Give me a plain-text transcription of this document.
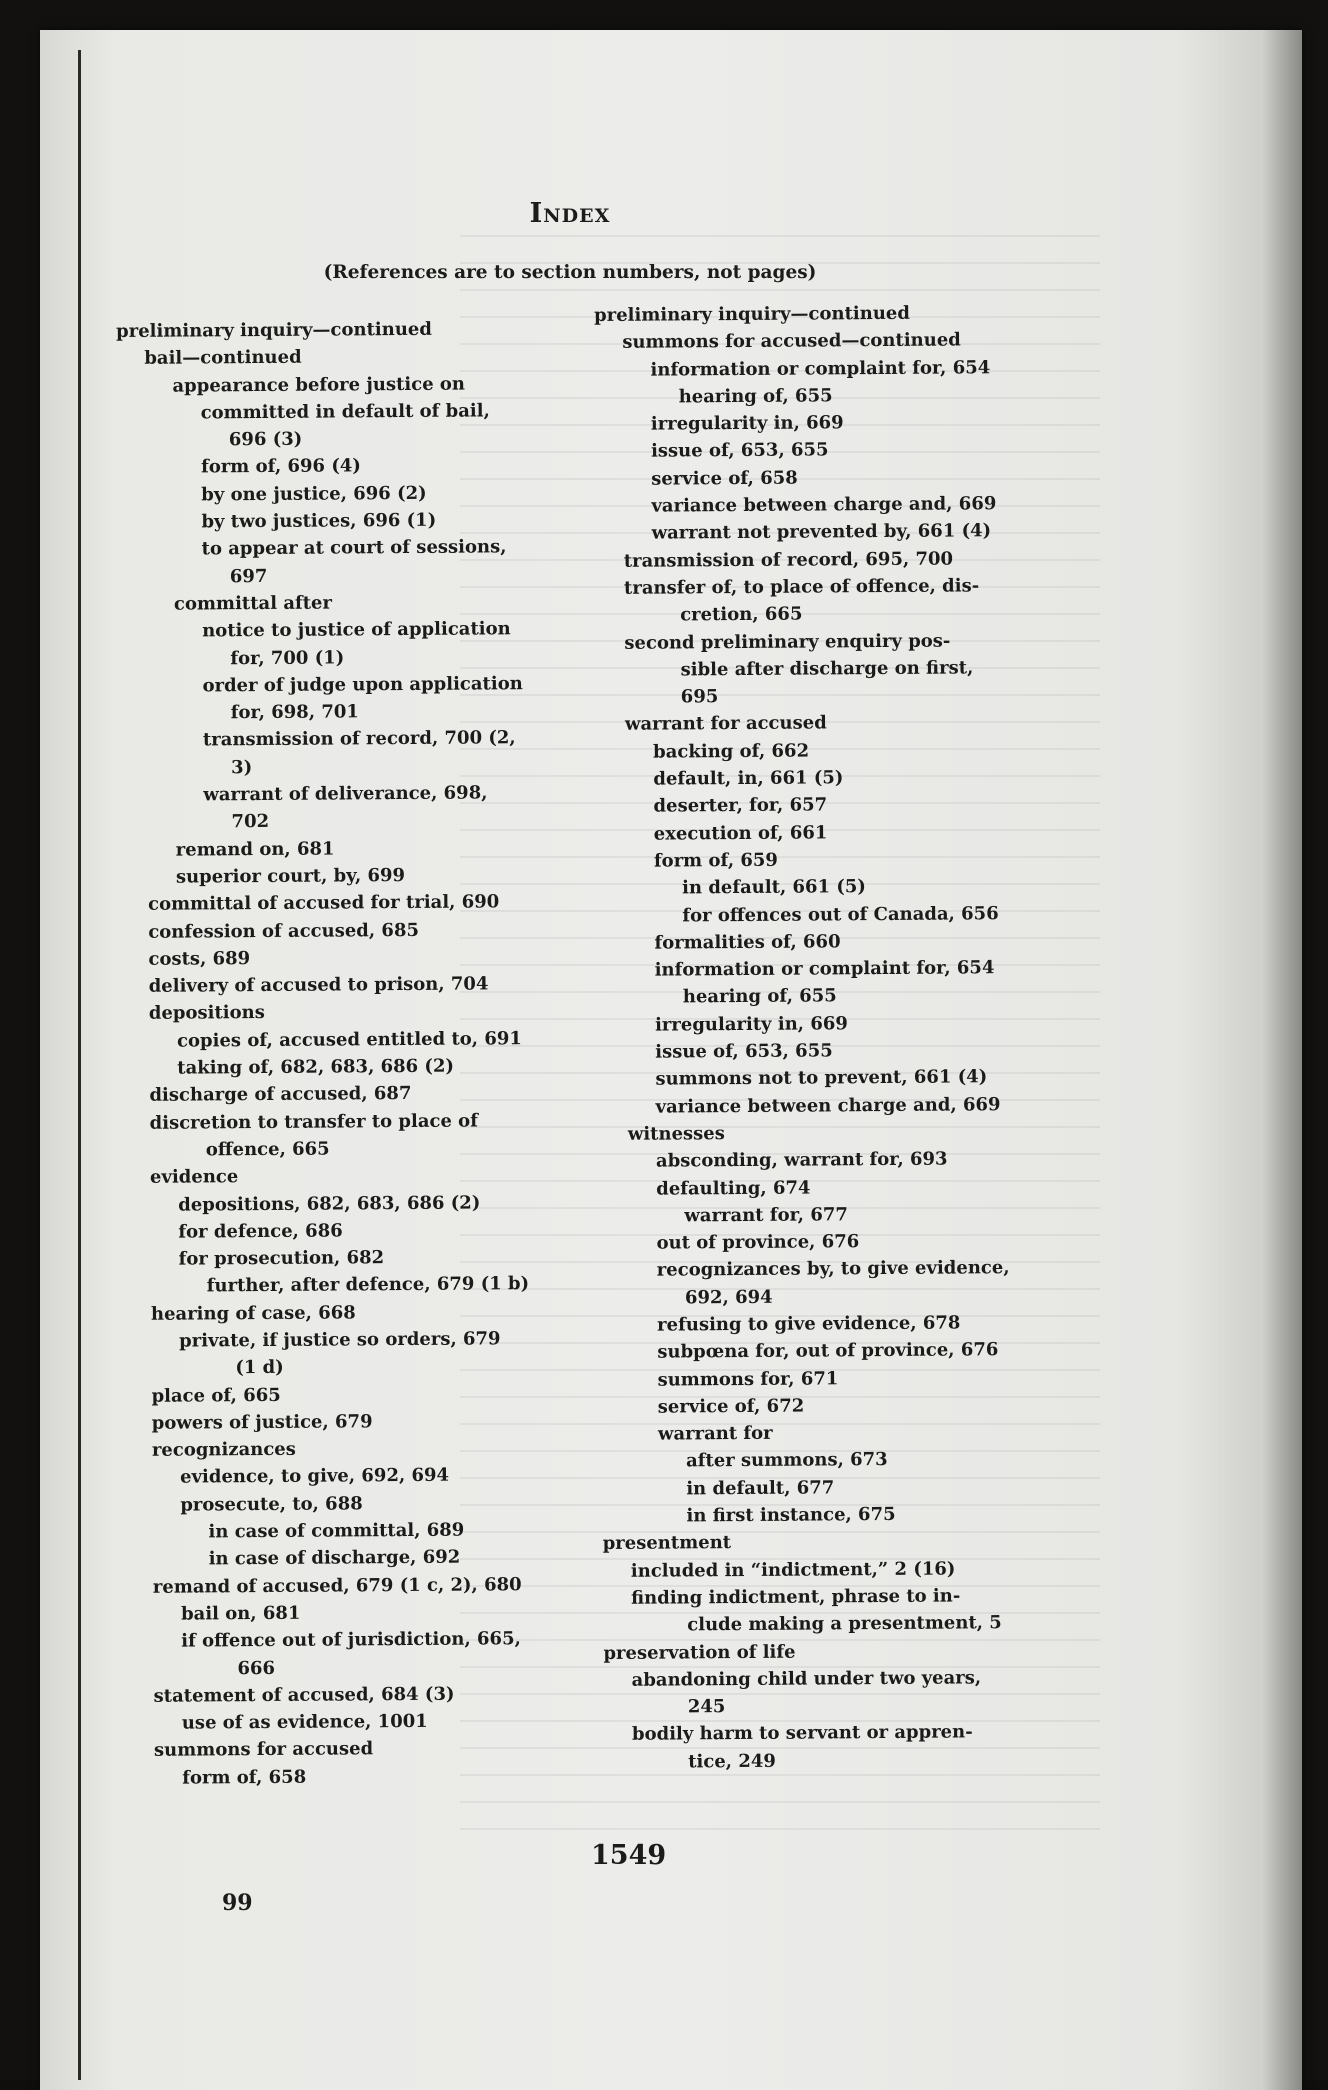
Index
(References are to section numbers, not pages)
preliminary inquiry—continued
bail—continued
appearance before justice on
committed in default of bail,
696 (3)
form of, 696 (4)
by one justice, 696 (2)
by two justices, 696 (1)
to appear at court of sessions,
697
committal after
notice to justice of application
for, 700 (1)
order of judge upon application
for, 698, 701
transmission of record, 700 (2,
3)
warrant of deliverance, 698,
702
remand on, 681
superior court, by, 699
committal of accused for trial, 690
confession of accused, 685
costs, 689
delivery of accused to prison, 704
depositions
copies of, accused entitled to, 691
taking of, 682, 683, 686 (2)
discharge of accused, 687
discretion to transfer to place of
offence, 665
evidence
depositions, 682, 683, 686 (2)
for defence, 686
for prosecution, 682
further, after defence, 679 (1 b)
hearing of case, 668
private, if justice so orders, 679
(1 d)
place of, 665
powers of justice, 679
recognizances
evidence, to give, 692, 694
prosecute, to, 688
in case of committal, 689
in case of discharge, 692
remand of accused, 679 (1 c, 2), 680
bail on, 681
if offence out of jurisdiction, 665,
666
statement of accused, 684 (3)
use of as evidence, 1001
summons for accused
form of, 658
preliminary inquiry—continued
summons for accused—continued
information or complaint for, 654
hearing of, 655
irregularity in, 669
issue of, 653, 655
service of, 658
variance between charge and, 669
warrant not prevented by, 661 (4)
transmission of record, 695, 700
transfer of, to place of offence, dis-
cretion, 665
second preliminary enquiry pos-
sible after discharge on first,
695
warrant for accused
backing of, 662
default, in, 661 (5)
deserter, for, 657
execution of, 661
form of, 659
in default, 661 (5)
for offences out of Canada, 656
formalities of, 660
information or complaint for, 654
hearing of, 655
irregularity in, 669
issue of, 653, 655
summons not to prevent, 661 (4)
variance between charge and, 669
witnesses
absconding, warrant for, 693
defaulting, 674
warrant for, 677
out of province, 676
recognizances by, to give evidence,
692, 694
refusing to give evidence, 678
subpœna for, out of province, 676
summons for, 671
service of, 672
warrant for
after summons, 673
in default, 677
in first instance, 675
presentment
included in “indictment,” 2 (16)
finding indictment, phrase to in-
clude making a presentment, 5
preservation of life
abandoning child under two years,
245
bodily harm to servant or appren-
tice, 249
99
1549
